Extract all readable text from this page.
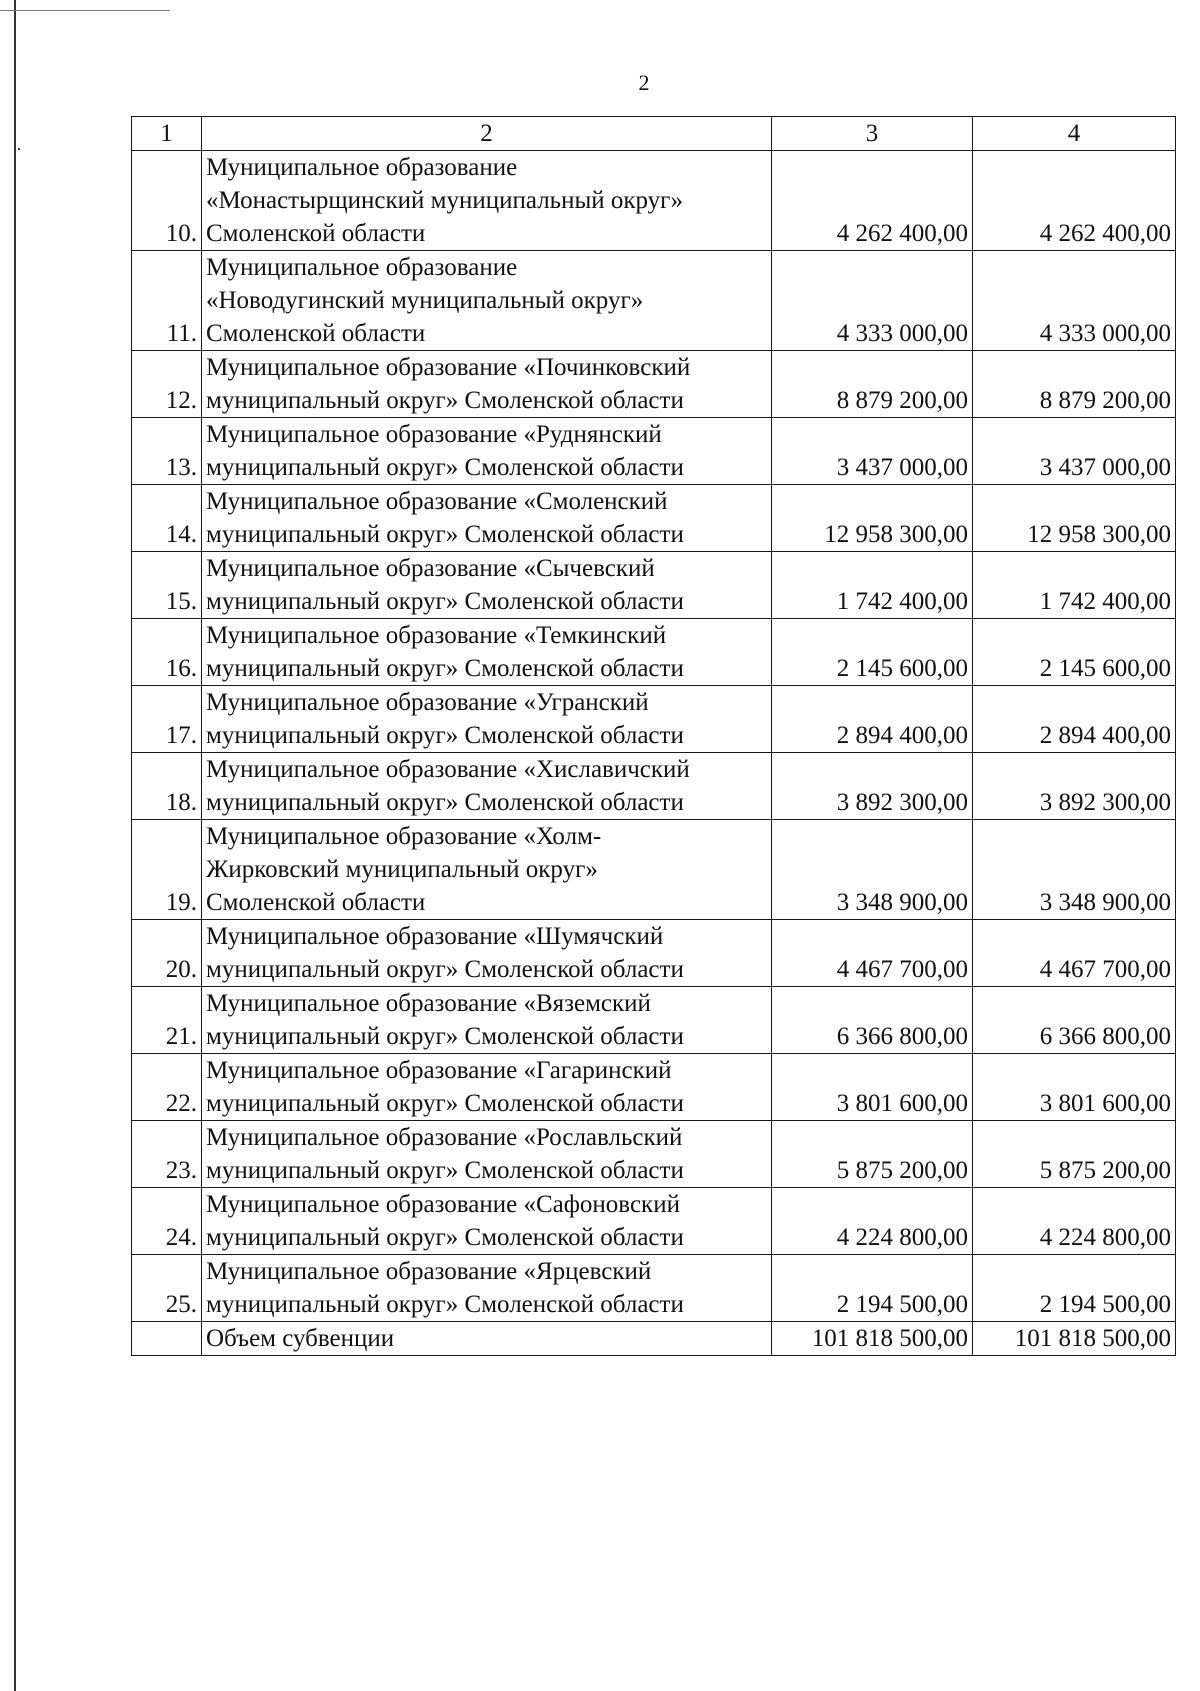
2
1	2	3	4
10.	Муниципальное образование
«Монастырщинский муниципальный округ»
Смоленской области	4 262 400,00	4 262 400,00
11.	Муниципальное образование
«Новодугинский муниципальный округ»
Смоленской области	4 333 000,00	4 333 000,00
12.	Муниципальное образование «Починковский
муниципальный округ» Смоленской области	8 879 200,00	8 879 200,00
13.	Муниципальное образование «Руднянский
муниципальный округ» Смоленской области	3 437 000,00	3 437 000,00
14.	Муниципальное образование «Смоленский
муниципальный округ» Смоленской области	12 958 300,00	12 958 300,00
15.	Муниципальное образование «Сычевский
муниципальный округ» Смоленской области	1 742 400,00	1 742 400,00
16.	Муниципальное образование «Темкинский
муниципальный округ» Смоленской области	2 145 600,00	2 145 600,00
17.	Муниципальное образование «Угранский
муниципальный округ» Смоленской области	2 894 400,00	2 894 400,00
18.	Муниципальное образование «Хиславичский
муниципальный округ» Смоленской области	3 892 300,00	3 892 300,00
19.	Муниципальное образование «Холм-
Жирковский муниципальный округ»
Смоленской области	3 348 900,00	3 348 900,00
20.	Муниципальное образование «Шумячский
муниципальный округ» Смоленской области	4 467 700,00	4 467 700,00
21.	Муниципальное образование «Вяземский
муниципальный округ» Смоленской области	6 366 800,00	6 366 800,00
22.	Муниципальное образование «Гагаринский
муниципальный округ» Смоленской области	3 801 600,00	3 801 600,00
23.	Муниципальное образование «Рославльский
муниципальный округ» Смоленской области	5 875 200,00	5 875 200,00
24.	Муниципальное образование «Сафоновский
муниципальный округ» Смоленской области	4 224 800,00	4 224 800,00
25.	Муниципальное образование «Ярцевский
муниципальный округ» Смоленской области	2 194 500,00	2 194 500,00
	Объем субвенции	101 818 500,00	101 818 500,00
